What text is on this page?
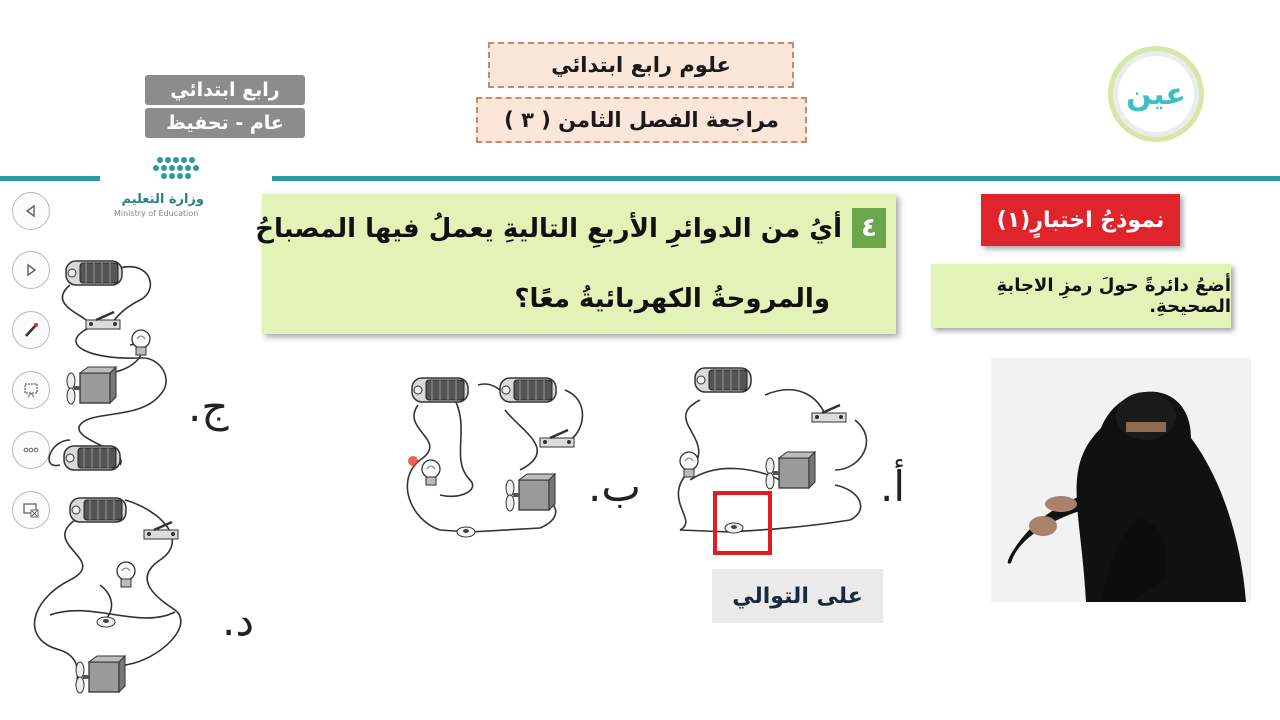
علوم رابع ابتدائي
مراجعة الفصل الثامن ( ٣ )
رابع ابتدائي
عام - تحفيظ
وزارة التعليم
Ministry of Education
عين
٤
أيُ من الدوائرِ الأربعِ التاليةِ يعملُ فيها المصباحُ
والمروحةُ الكهربائيةُ معًا؟
نموذجُ اختبارٍ(١)
أضعُ دائرةً حولَ رمزِ الاجابةِ الصحيحةِ.
أ.
ب.
ج.
د.	على التوالي
